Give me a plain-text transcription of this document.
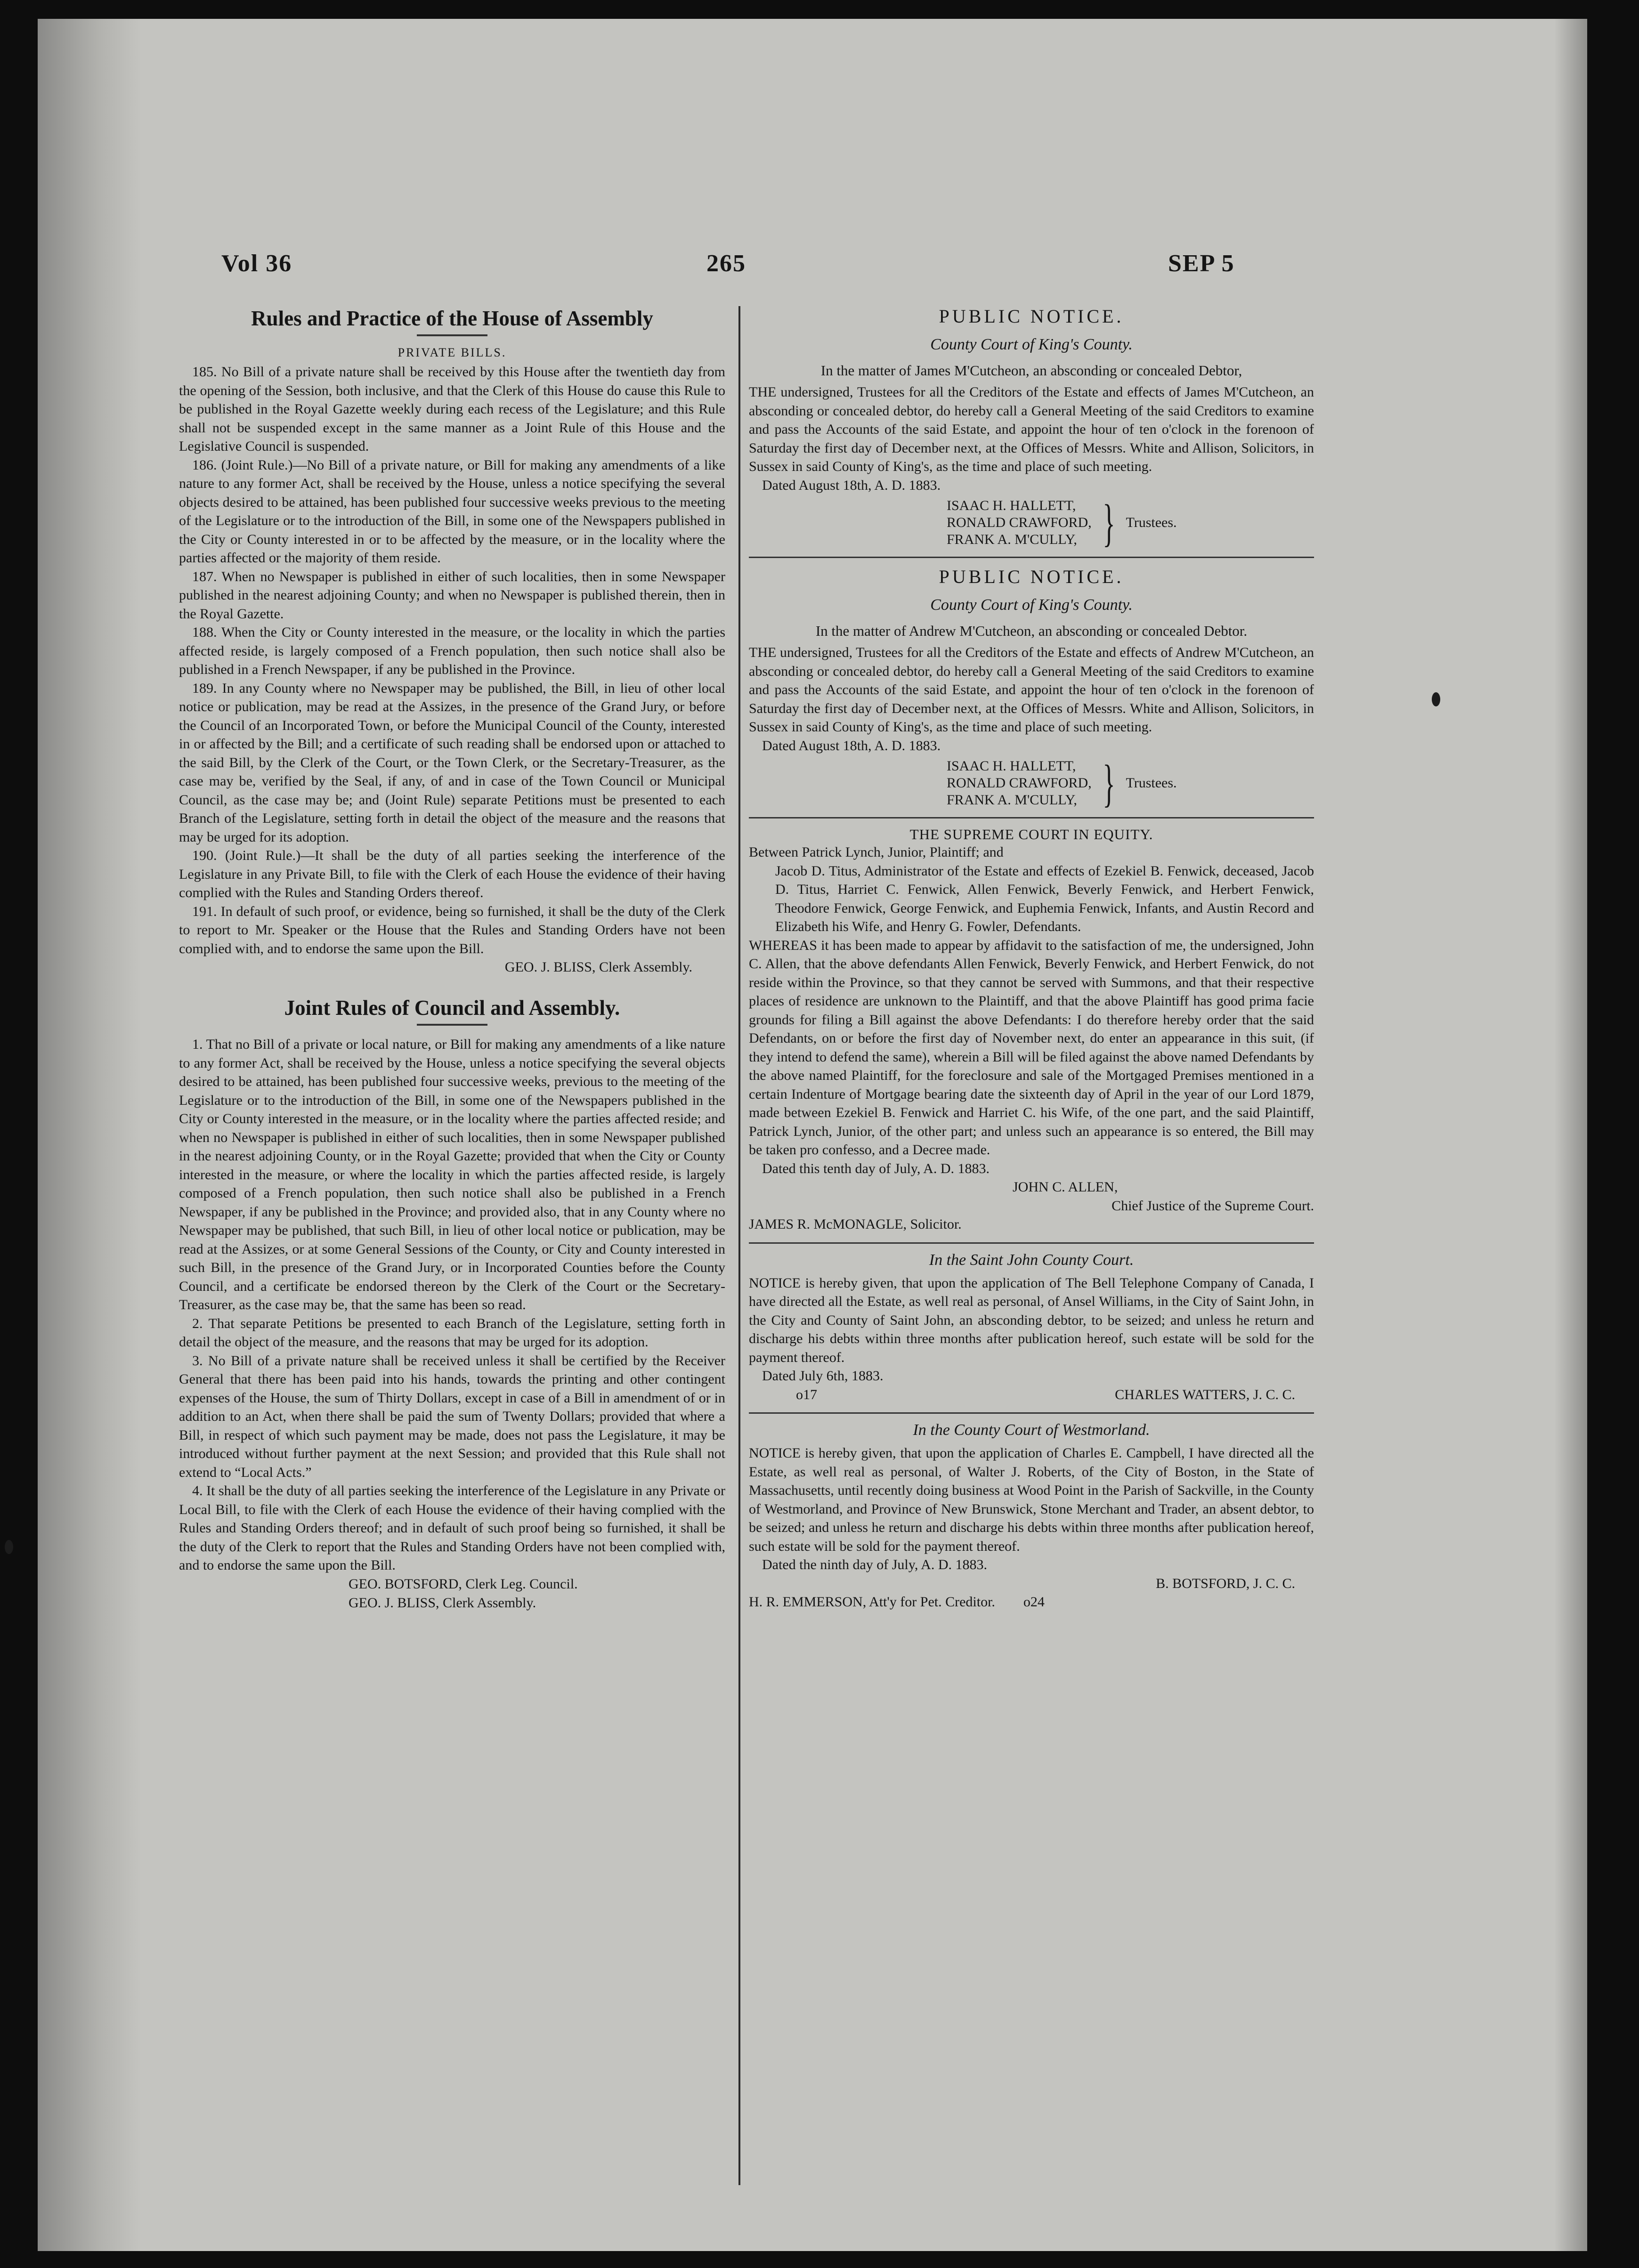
Vol 36	265	SEP 5

Rules and Practice of the House of Assembly

PRIVATE BILLS.

185. No Bill of a private nature shall be received by this House after the twentieth day from the opening of the Session, both inclusive, and that the Clerk of this House do cause this Rule to be published in the Royal Gazette weekly during each recess of the Legislature; and this Rule shall not be suspended except in the same manner as a Joint Rule of this House and the Legislative Council is suspended.

186. (Joint Rule.)—No Bill of a private nature, or Bill for making any amendments of a like nature to any former Act, shall be received by the House, unless a notice specifying the several objects desired to be attained, has been published four successive weeks previous to the meeting of the Legislature or to the introduction of the Bill, in some one of the Newspapers published in the City or County interested in or to be affected by the measure, or in the locality where the parties affected or the majority of them reside.

187. When no Newspaper is published in either of such localities, then in some Newspaper published in the nearest adjoining County; and when no Newspaper is published therein, then in the Royal Gazette.

188. When the City or County interested in the measure, or the locality in which the parties affected reside, is largely composed of a French population, then such notice shall also be published in a French Newspaper, if any be published in the Province.

189. In any County where no Newspaper may be published, the Bill, in lieu of other local notice or publication, may be read at the Assizes, in the presence of the Grand Jury, or before the Council of an Incorporated Town, or before the Municipal Council of the County, interested in or affected by the Bill; and a certificate of such reading shall be endorsed upon or attached to the said Bill, by the Clerk of the Court, or the Town Clerk, or the Secretary-Treasurer, as the case may be, verified by the Seal, if any, of and in case of the Town Council or Municipal Council, as the case may be; and (Joint Rule) separate Petitions must be presented to each Branch of the Legislature, setting forth in detail the object of the measure and the reasons that may be urged for its adoption.

190. (Joint Rule.)—It shall be the duty of all parties seeking the interference of the Legislature in any Private Bill, to file with the Clerk of each House the evidence of their having complied with the Rules and Standing Orders thereof.

191. In default of such proof, or evidence, being so furnished, it shall be the duty of the Clerk to report to Mr. Speaker or the House that the Rules and Standing Orders have not been complied with, and to endorse the same upon the Bill.

GEO. J. BLISS, Clerk Assembly.

Joint Rules of Council and Assembly.

1. That no Bill of a private or local nature, or Bill for making any amendments of a like nature to any former Act, shall be received by the House, unless a notice specifying the several objects desired to be attained, has been published four successive weeks, previous to the meeting of the Legislature or to the introduction of the Bill, in some one of the Newspapers published in the City or County interested in the measure, or in the locality where the parties affected reside; and when no Newspaper is published in either of such localities, then in some Newspaper published in the nearest adjoining County, or in the Royal Gazette; provided that when the City or County interested in the measure, or where the locality in which the parties affected reside, is largely composed of a French population, then such notice shall also be published in a French Newspaper, if any be published in the Province; and provided also, that in any County where no Newspaper may be published, that such Bill, in lieu of other local notice or publication, may be read at the Assizes, or at some General Sessions of the County, or City and County interested in such Bill, in the presence of the Grand Jury, or in Incorporated Counties before the County Council, and a certificate be endorsed thereon by the Clerk of the Court or the Secretary-Treasurer, as the case may be, that the same has been so read.

2. That separate Petitions be presented to each Branch of the Legislature, setting forth in detail the object of the measure, and the reasons that may be urged for its adoption.

3. No Bill of a private nature shall be received unless it shall be certified by the Receiver General that there has been paid into his hands, towards the printing and other contingent expenses of the House, the sum of Thirty Dollars, except in case of a Bill in amendment of or in addition to an Act, when there shall be paid the sum of Twenty Dollars; provided that where a Bill, in respect of which such payment may be made, does not pass the Legislature, it may be introduced without further payment at the next Session; and provided that this Rule shall not extend to “Local Acts.”

4. It shall be the duty of all parties seeking the interference of the Legislature in any Private or Local Bill, to file with the Clerk of each House the evidence of their having complied with the Rules and Standing Orders thereof; and in default of such proof being so furnished, it shall be the duty of the Clerk to report that the Rules and Standing Orders have not been complied with, and to endorse the same upon the Bill.

GEO. BOTSFORD, Clerk Leg. Council.

GEO. J. BLISS, Clerk Assembly.

PUBLIC NOTICE.

County Court of King's County.

In the matter of James M'Cutcheon, an absconding or concealed Debtor,

THE undersigned, Trustees for all the Creditors of the Estate and effects of James M'Cutcheon, an absconding or concealed debtor, do hereby call a General Meeting of the said Creditors to examine and pass the Accounts of the said Estate, and appoint the hour of ten o'clock in the forenoon of Saturday the first day of December next, at the Offices of Messrs. White and Allison, Solicitors, in Sussex in said County of King's, as the time and place of such meeting.

Dated August 18th, A. D. 1883.

ISAAC H. HALLETT,
RONALD CRAWFORD,
FRANK A. M'CULLY, } Trustees.

PUBLIC NOTICE.

County Court of King's County.

In the matter of Andrew M'Cutcheon, an absconding or concealed Debtor.

THE undersigned, Trustees for all the Creditors of the Estate and effects of Andrew M'Cutcheon, an absconding or concealed debtor, do hereby call a General Meeting of the said Creditors to examine and pass the Accounts of the said Estate, and appoint the hour of ten o'clock in the forenoon of Saturday the first day of December next, at the Offices of Messrs. White and Allison, Solicitors, in Sussex in said County of King's, as the time and place of such meeting.

Dated August 18th, A. D. 1883.

ISAAC H. HALLETT,
RONALD CRAWFORD,
FRANK A. M'CULLY, } Trustees.

THE SUPREME COURT IN EQUITY.

Between Patrick Lynch, Junior, Plaintiff; and

Jacob D. Titus, Administrator of the Estate and effects of Ezekiel B. Fenwick, deceased, Jacob D. Titus, Harriet C. Fenwick, Allen Fenwick, Beverly Fenwick, and Herbert Fenwick, Theodore Fenwick, George Fenwick, and Euphemia Fenwick, Infants, and Austin Record and Elizabeth his Wife, and Henry G. Fowler, Defendants.

WHEREAS it has been made to appear by affidavit to the satisfaction of me, the undersigned, John C. Allen, that the above defendants Allen Fenwick, Beverly Fenwick, and Herbert Fenwick, do not reside within the Province, so that they cannot be served with Summons, and that their respective places of residence are unknown to the Plaintiff, and that the above Plaintiff has good prima facie grounds for filing a Bill against the above Defendants: I do therefore hereby order that the said Defendants, on or before the first day of November next, do enter an appearance in this suit, (if they intend to defend the same), wherein a Bill will be filed against the above named Defendants by the above named Plaintiff, for the foreclosure and sale of the Mortgaged Premises mentioned in a certain Indenture of Mortgage bearing date the sixteenth day of April in the year of our Lord 1879, made between Ezekiel B. Fenwick and Harriet C. his Wife, of the one part, and the said Plaintiff, Patrick Lynch, Junior, of the other part; and unless such an appearance is so entered, the Bill may be taken pro confesso, and a Decree made.

Dated this tenth day of July, A. D. 1883.

JOHN C. ALLEN,

Chief Justice of the Supreme Court.

JAMES R. McMONAGLE, Solicitor.

In the Saint John County Court.

NOTICE is hereby given, that upon the application of The Bell Telephone Company of Canada, I have directed all the Estate, as well real as personal, of Ansel Williams, in the City of Saint John, in the City and County of Saint John, an absconding debtor, to be seized; and unless he return and discharge his debts within three months after publication hereof, such estate will be sold for the payment thereof.

Dated July 6th, 1883.

o17	CHARLES WATTERS, J. C. C.

In the County Court of Westmorland.

NOTICE is hereby given, that upon the application of Charles E. Campbell, I have directed all the Estate, as well real as personal, of Walter J. Roberts, of the City of Boston, in the State of Massachusetts, until recently doing business at Wood Point in the Parish of Sackville, in the County of Westmorland, and Province of New Brunswick, Stone Merchant and Trader, an absent debtor, to be seized; and unless he return and discharge his debts within three months after publication hereof, such estate will be sold for the payment thereof.

Dated the ninth day of July, A. D. 1883.

B. BOTSFORD, J. C. C.

H. R. EMMERSON, Att'y for Pet. Creditor. o24
